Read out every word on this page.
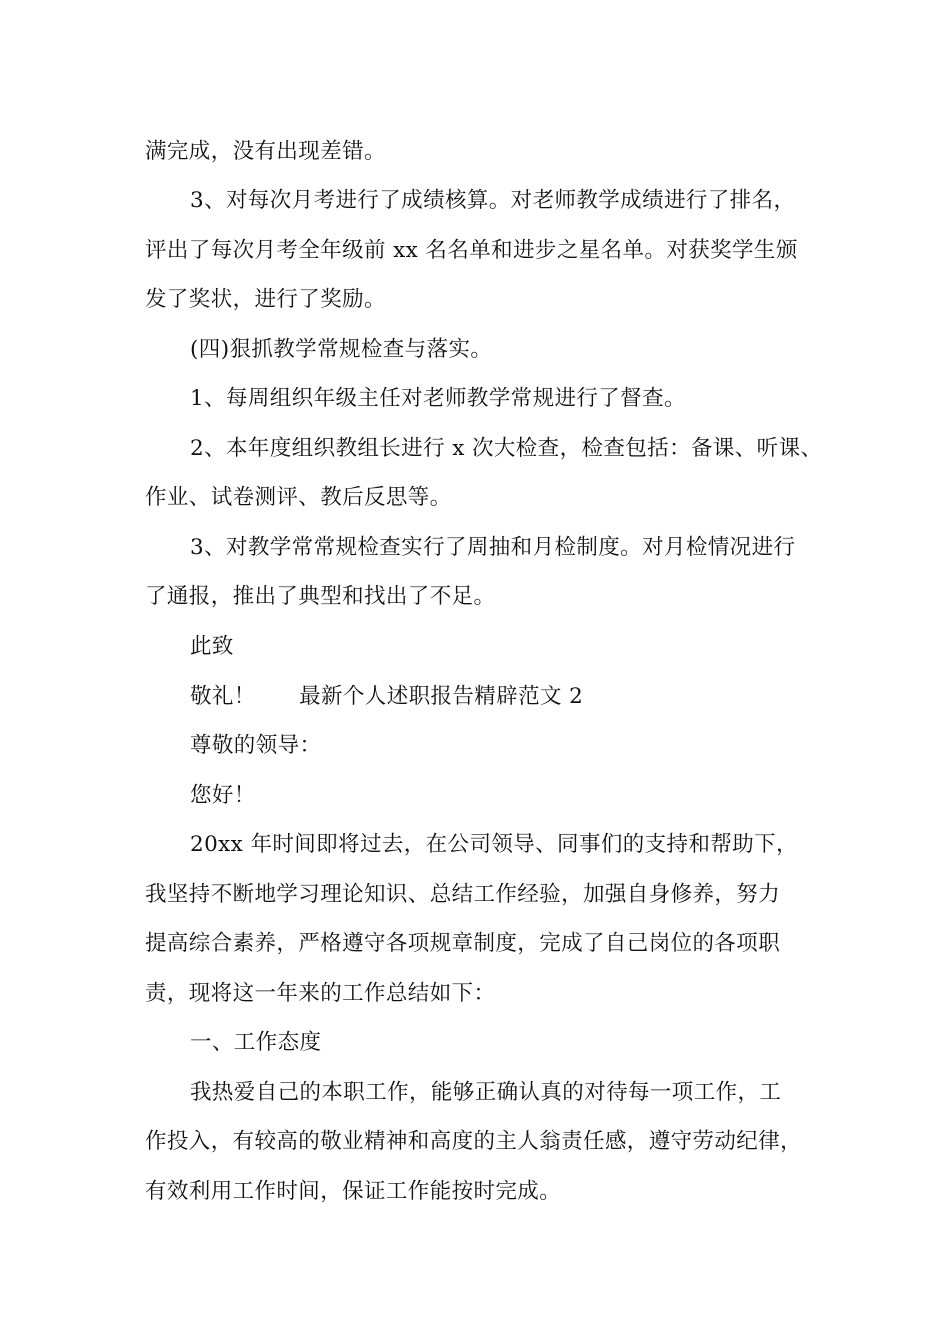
满完成，没有出现差错。
3、对每次月考进行了成绩核算。对老师教学成绩进行了排名，
评出了每次月考全年级前 xx 名名单和进步之星名单。对获奖学生颁
发了奖状，进行了奖励。
(四)狠抓教学常规检查与落实。
1、每周组织年级主任对老师教学常规进行了督查。
2、本年度组织教组长进行 x 次大检查，检查包括：备课、听课、
作业、试卷测评、教后反思等。
3、对教学常常规检查实行了周抽和月检制度。对月检情况进行
了通报，推出了典型和找出了不足。
此致
敬礼！      最新个人述职报告精辟范文 2
尊敬的领导：
您好！
20xx 年时间即将过去，在公司领导、同事们的支持和帮助下，
我坚持不断地学习理论知识、总结工作经验，加强自身修养，努力
提高综合素养，严格遵守各项规章制度，完成了自己岗位的各项职
责，现将这一年来的工作总结如下：
一、工作态度
我热爱自己的本职工作，能够正确认真的对待每一项工作，工
作投入，有较高的敬业精神和高度的主人翁责任感，遵守劳动纪律，
有效利用工作时间，保证工作能按时完成。
